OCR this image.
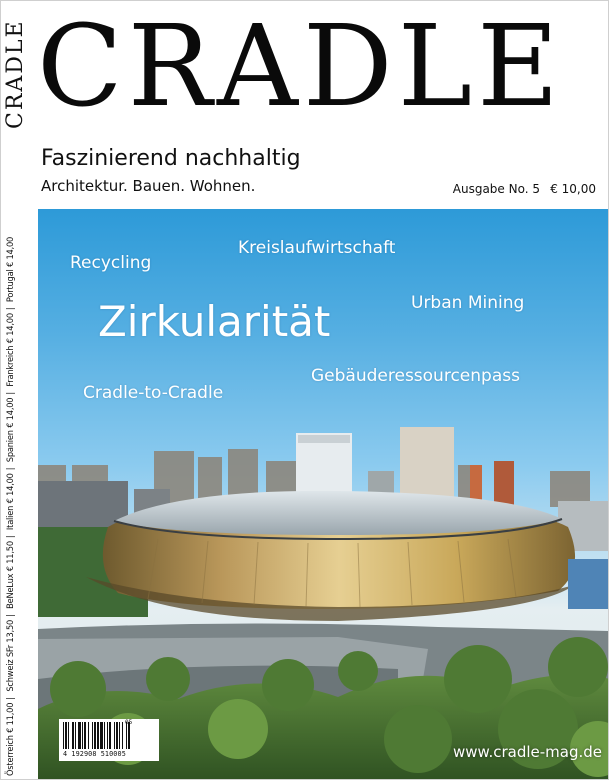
CRADLE CRADLE
Faszinierend nachhaltig
Architektur. Bauen. Wohnen.	Ausgabe No. 5 € 10,00
Österreich € 11,00| Schweiz SFr 13,50| BeNeLux € 11,50| Italien € 14,00| Spanien € 14,00| Frankreich € 14,00| Portugal € 14,00	Recycling
Kreislaufwirtschaft
Zirkularität	Urban Mining
Cradle-to-Cradle
Gebäuderessourcenpass
www.cradle-mag.de
4 192908 510005
05
